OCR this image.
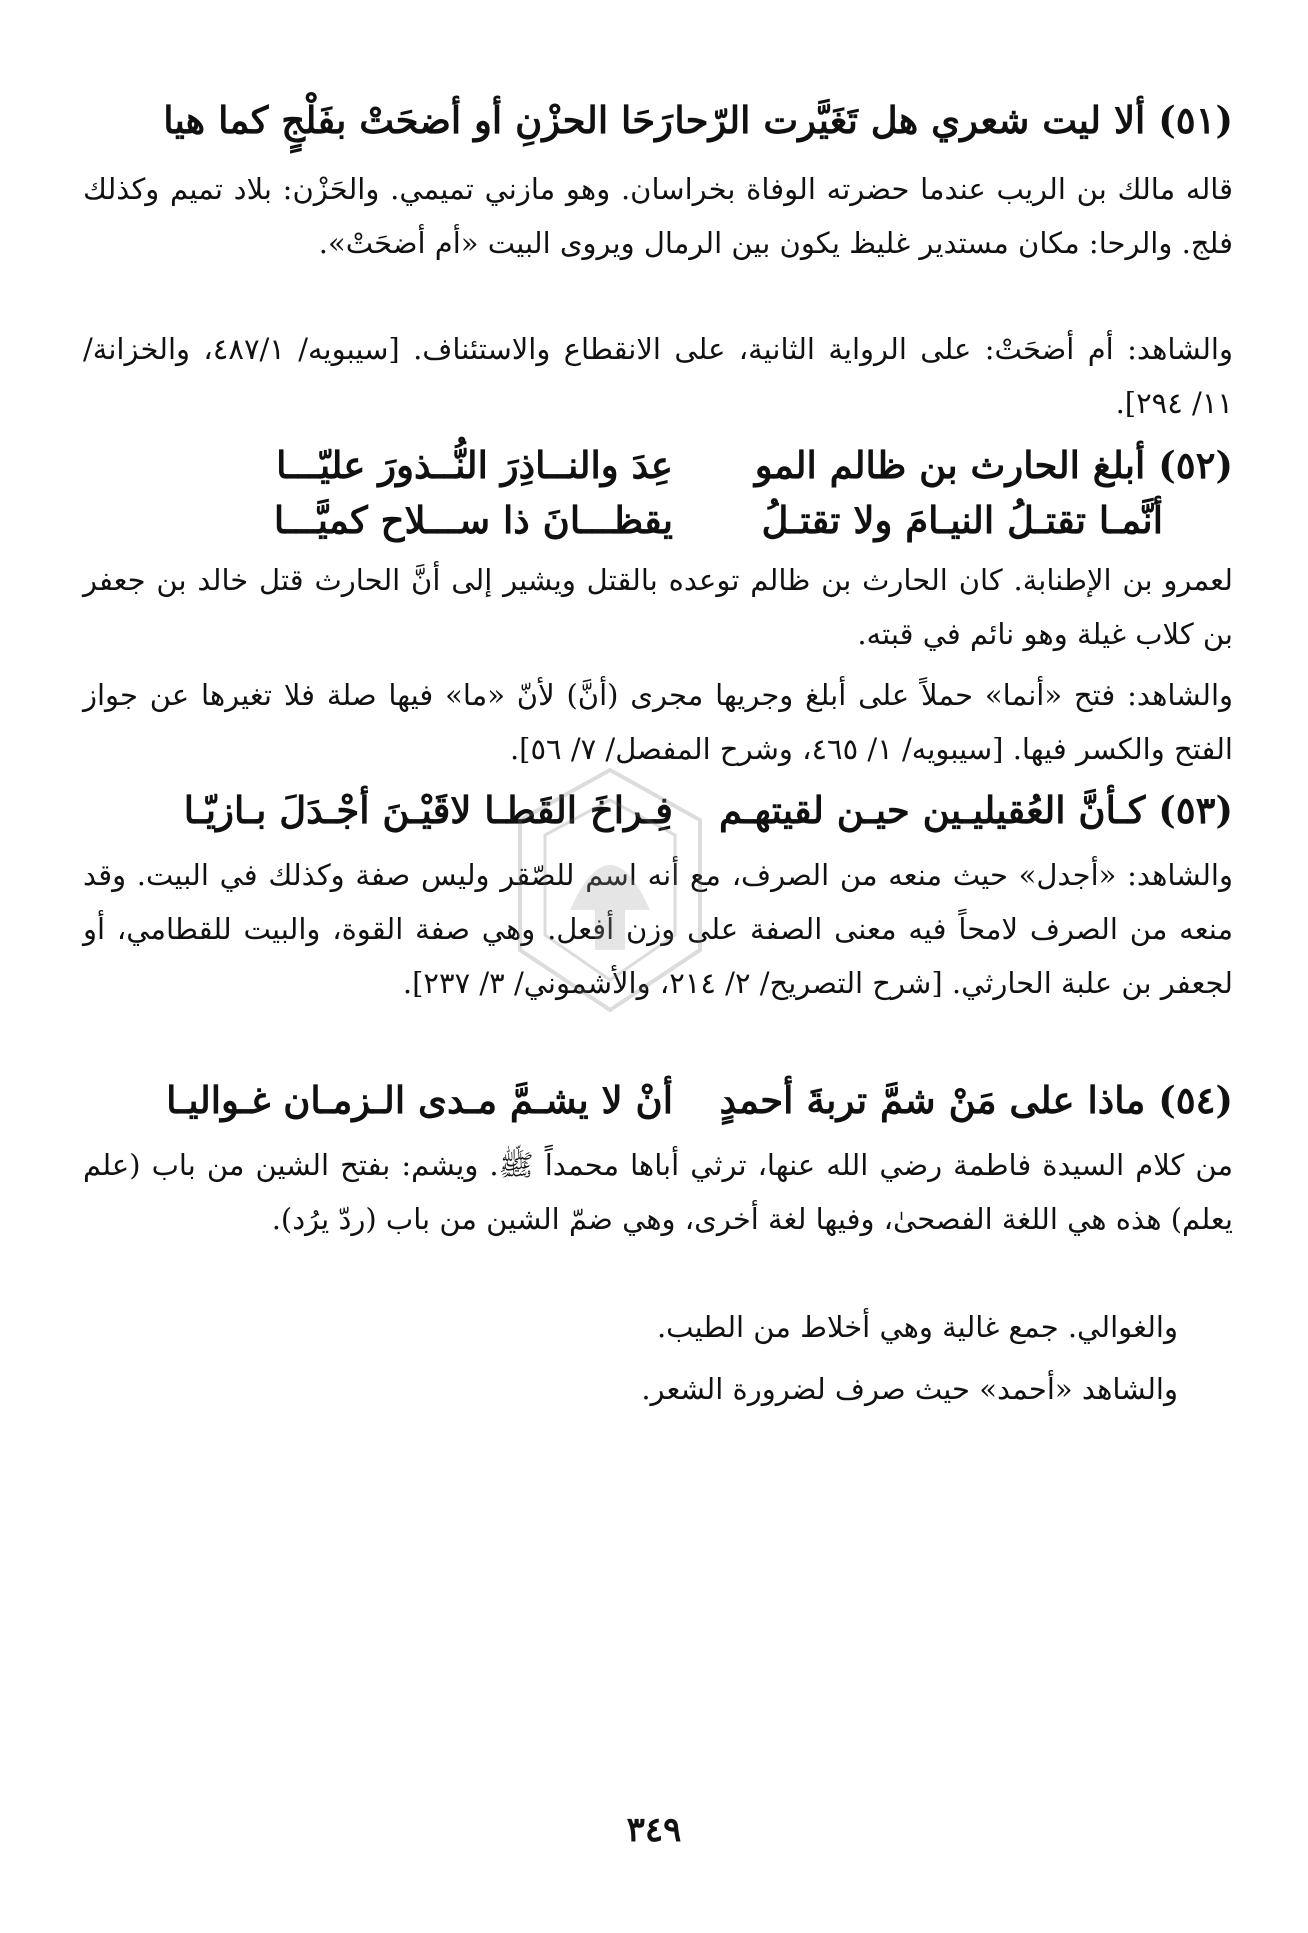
(٥١) ألا ليت شعري هل تَغَيَّرت الرّحا
رَحَا الحزْنِ أو أضحَتْ بفَلْجٍ كما هيا
قاله مالك بن الريب عندما حضرته الوفاة بخراسان. وهو مازني تميمي. والحَزْن: بلاد تميم وكذلك فلج. والرحا: مكان مستدير غليظ يكون بين الرمال ويروى البيت «أم أضحَتْ».
والشاهد: أم أضحَتْ: على الرواية الثانية، على الانقطاع والاستئناف. [سيبويه/ ٤٨٧/١، والخزانة/ ١١/ ٢٩٤].
(٥٢) أبلغ الحارث بن ظالم المو
عِدَ والنــاذِرَ النُّــذورَ عليّـــا
أنَّمـا تقتـلُ النيـامَ ولا تقتـلُ
يقظـــانَ ذا ســـلاح كميَّـــا
لعمرو بن الإطنابة. كان الحارث بن ظالم توعده بالقتل ويشير إلى أنَّ الحارث قتل خالد بن جعفر بن كلاب غيلة وهو نائم في قبته.
والشاهد: فتح «أنما» حملاً على أبلغ وجريها مجرى (أنَّ) لأنّ «ما» فيها صلة فلا تغيرها عن جواز الفتح والكسر فيها. [سيبويه/ ١/ ٤٦٥، وشرح المفصل/ ٧/ ٥٦].
(٥٣) كـأنَّ العُقيليـين حيـن لقيتهـم
فِـراخَ القَطـا لاقَيْـنَ أجْـدَلَ بـازيّـا
والشاهد: «أجدل» حيث منعه من الصرف، مع أنه اسم للصّقر وليس صفة وكذلك في البيت. وقد منعه من الصرف لامحاً فيه معنى الصفة على وزن أفعل. وهي صفة القوة، والبيت للقطامي، أو لجعفر بن علبة الحارثي. [شرح التصريح/ ٢/ ٢١٤، والأشموني/ ٣/ ٢٣٧].
(٥٤) ماذا على مَنْ شمَّ تربةَ أحمدٍ
أنْ لا يشـمَّ مـدى الـزمـان غـواليـا
من كلام السيدة فاطمة رضي الله عنها، ترثي أباها محمداً ﷺ. ويشم: بفتح الشين من باب (علم يعلم) هذه هي اللغة الفصحىٰ، وفيها لغة أخرى، وهي ضمّ الشين من باب (ردّ يرُد).
والغوالي. جمع غالية وهي أخلاط من الطيب.
والشاهد «أحمد» حيث صرف لضرورة الشعر.
٣٤٩
